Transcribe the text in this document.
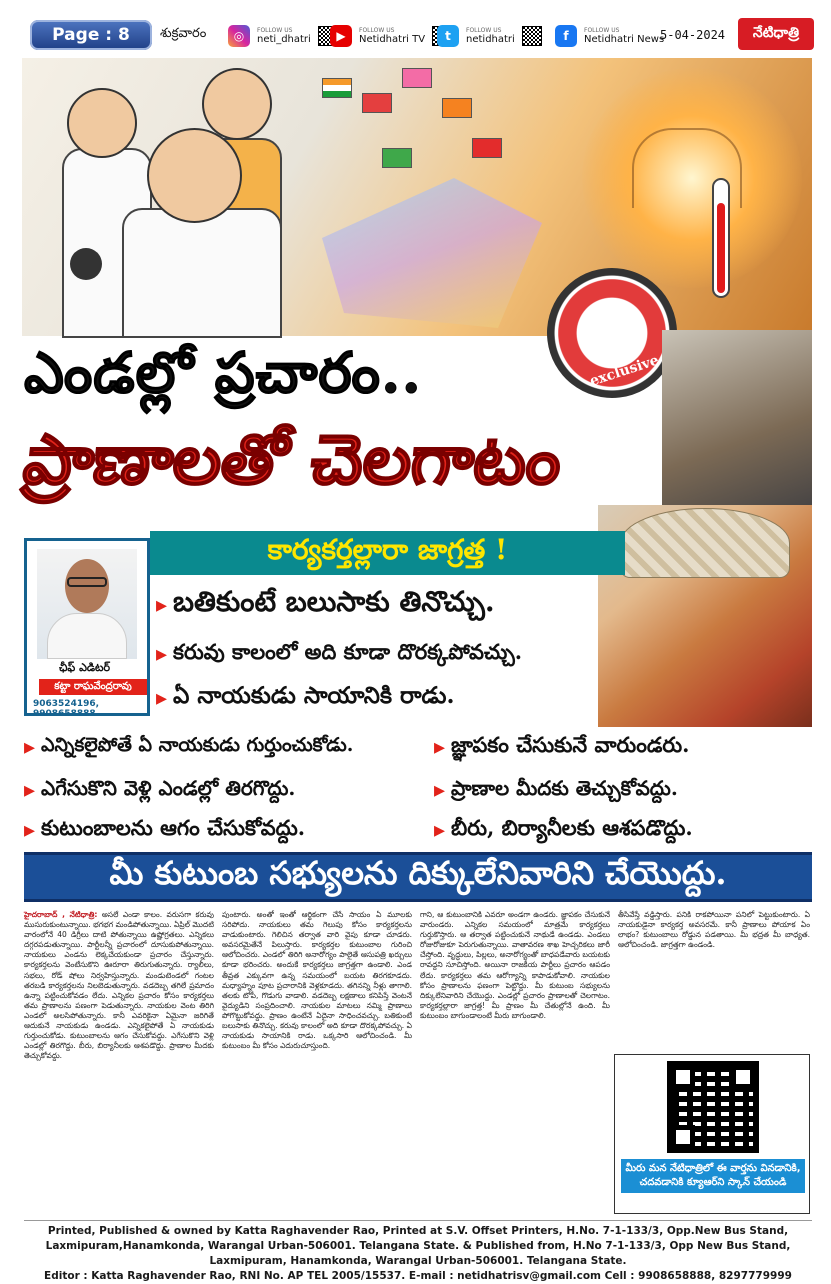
Page : 8	శుక్రవారం	◎	FOLLOW US
neti_dhatri	▶	FOLLOW US
Netidhatri TV	t	FOLLOW US
netidhatri	f	FOLLOW US
Netidhatri News
5-04-2024	నేటిధాత్రి
exclusive
ఎండల్లో ప్రచారం..
ప్రాణాలతో చెలగాటం
కార్యకర్తల్లారా జాగ్రత్త !
ఛీఫ్ ఎడిటర్
కట్టా రాఘవేంద్రరావు
9063524196, 9908658888
▸ బతికుంటే బలుసాకు తినొచ్చు.
▸ కరువు కాలంలో అది కూడా దొరక్కపోవచ్చు.
▸ ఏ నాయకుడు సాయానికి రాడు.
▸ ఎన్నికలైపోతే ఏ నాయకుడు గుర్తుంచుకోడు.
▸ ఎగేసుకొని వెళ్లి ఎండల్లో తిరగొద్దు.
▸ కుటుంబాలను ఆగం చేసుకోవద్దు.
▸ జ్ఞాపకం చేసుకునే వారుండరు.
▸ ప్రాణాల మీదకు తెచ్చుకోవద్దు.
▸ బీరు, బిర్యానీలకు ఆశపడొద్దు.
మీ కుటుంబ సభ్యులను దిక్కులేనివారిని చేయొద్దు.
హైదరాబాద్ , నేటిధాత్రి: అసలే ఎండా కాలం. వరుసగా కరువు ముసురుకుంటున్నాయి. భగభగ మండిపోతున్నాయి. ఏప్రిల్ మొదటి వారంలోనే 40 డిగ్రీలు దాటి పోతున్నాయి ఉష్ణోగ్రతలు. ఎన్నికలు దగ్గరపడుతున్నాయి. పార్టీలన్నీ ప్రచారంలో దూసుకుపోతున్నాయి. నాయకులు ఎండను లెక్కచేయకుండా ప్రచారం చేస్తున్నారు. కార్యకర్తలను వెంటేసుకొని ఊరూరా తిరుగుతున్నారు. ర్యాలీలు, సభలు, రోడ్ షోలు నిర్వహిస్తున్నారు. మండుటెండలో గంటల తరబడి కార్యకర్తలను నిలబెడుతున్నారు. వడదెబ్బ తగిలే ప్రమాదం ఉన్నా పట్టించుకోవడం లేదు. ఎన్నికల ప్రచారం కోసం కార్యకర్తలు తమ ప్రాణాలను పణంగా పెడుతున్నారు. నాయకుల వెంట తిరిగి ఎండలో అలసిపోతున్నారు. కానీ ఎవరికైనా ఏమైనా జరిగితే ఆదుకునే నాయకుడు ఉండడు. ఎన్నికలైపోతే ఏ నాయకుడు గుర్తుంచుకోడు. కుటుంబాలను ఆగం చేసుకోవద్దు. ఎగేసుకొని వెళ్లి ఎండల్లో తిరగొద్దు. బీరు, బిర్యానీలకు ఆశపడొద్దు. ప్రాణాల మీదకు తెచ్చుకోవద్దు.
పుంటారు. అంతో ఇంతో ఆర్థికంగా చేసే సాయం ఏ మూలకు సరిపోదు. నాయకులు తమ గెలుపు కోసం కార్యకర్తలను వాడుకుంటారు. గెలిచిన తర్వాత వారి వైపు కూడా చూడరు. అవసరమైతేనే పిలుస్తారు. కార్యకర్తల కుటుంబాల గురించి ఆలోచించరు. ఎండలో తిరిగి అనారోగ్యం పాలైతే ఆసుపత్రి ఖర్చులు కూడా భరించరు. అందుకే కార్యకర్తలు జాగ్రత్తగా ఉండాలి. ఎండ తీవ్రత ఎక్కువగా ఉన్న సమయంలో బయట తిరగకూడదు. మధ్యాహ్నం పూట ప్రచారానికి వెళ్లకూడదు. తగినన్ని నీళ్లు తాగాలి. తలకు టోపీ, గొడుగు వాడాలి. వడదెబ్బ లక్షణాలు కనిపిస్తే వెంటనే వైద్యుడిని సంప్రదించాలి. నాయకుల మాటలు నమ్మి ప్రాణాలు పోగొట్టుకోవద్దు. ప్రాణం ఉంటేనే ఏదైనా సాధించవచ్చు. బతికుంటే బలుసాకు తినొచ్చు. కరువు కాలంలో అది కూడా దొరక్కపోవచ్చు. ఏ నాయకుడు సాయానికి రాడు. ఒక్కసారి ఆలోచించండి. మీ కుటుంబం మీ కోసం ఎదురుచూస్తుంది.
గాని, ఆ కుటుంబానికి ఎవరూ అండగా ఉండరు. జ్ఞాపకం చేసుకునే వారుండరు. ఎన్నికల సమయంలో మాత్రమే కార్యకర్తలు గుర్తుకొస్తారు. ఆ తర్వాత పట్టించుకునే నాథుడే ఉండడు. ఎండలు రోజురోజుకూ పెరుగుతున్నాయి. వాతావరణ శాఖ హెచ్చరికలు జారీ చేస్తోంది. వృద్ధులు, పిల్లలు, అనారోగ్యంతో బాధపడేవారు బయటకు రావద్దని సూచిస్తోంది. అయినా రాజకీయ పార్టీలు ప్రచారం ఆపడం లేదు. కార్యకర్తలు తమ ఆరోగ్యాన్ని కాపాడుకోవాలి. నాయకుల కోసం ప్రాణాలను ఫణంగా పెట్టొద్దు. మీ కుటుంబ సభ్యులను దిక్కులేనివారిని చేయొద్దు. ఎండల్లో ప్రచారం ప్రాణాలతో చెలగాటం. కార్యకర్తల్లారా జాగ్రత్త! మీ ప్రాణం మీ చేతుల్లోనే ఉంది. మీ కుటుంబం బాగుండాలంటే మీరు బాగుండాలి.
తీసివేస్తే వడ్డిస్తారు. పనికి రాకపోయినా పనిలో పెట్టుకుంటారు. ఏ నాయకుడైనా కార్యకర్త అవసరమే. కానీ ప్రాణాలు పోయాక ఏం లాభం? కుటుంబాలు రోడ్డున పడతాయి. మీ భద్రత మీ బాధ్యత. ఆలోచించండి. జాగ్రత్తగా ఉండండి.
మీరు మన నేటిధాత్రిలో ఈ వార్తను వినడానికి, చదవడానికి క్యూఆర్‌ని స్కాన్ చేయండి
Printed, Published & owned by Katta Raghavender Rao, Printed at S.V. Offset Printers, H.No. 7-1-133/3, Opp.New Bus Stand, Laxmipuram,Hanamkonda, Warangal Urban-506001. Telangana State. & Published from, H.No 7-1-133/3, Opp New Bus Stand, Laxmipuram, Hanamkonda, Warangal Urban-506001. Telangana State.
Editor : Katta Raghavender Rao, RNI No. AP TEL 2005/15537. E-mail : netidhatrisv@gmail.com Cell : 9908658888, 8297779999
